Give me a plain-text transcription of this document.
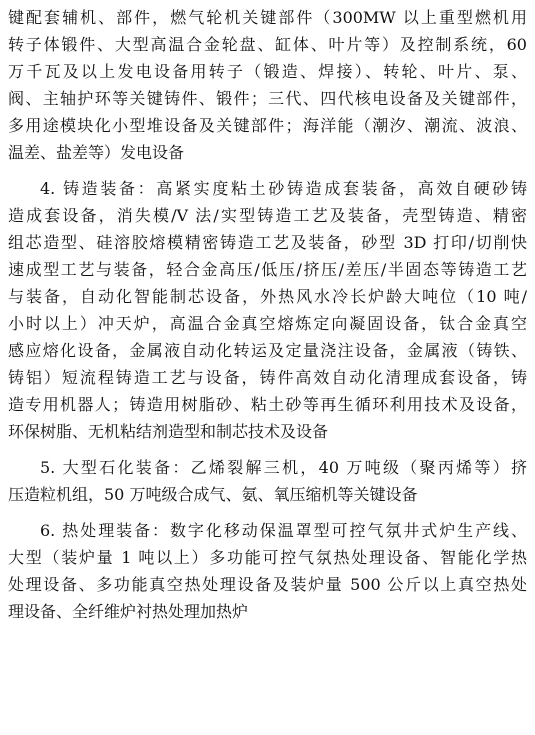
键配套辅机、部件，燃气轮机关键部件（300MW 以上重型燃机用
转子体锻件、大型高温合金轮盘、缸体、叶片等）及控制系统，60
万千瓦及以上发电设备用转子（锻造、焊接）、转轮、叶片、泵、
阀、主轴护环等关键铸件、锻件；三代、四代核电设备及关键部件，
多用途模块化小型堆设备及关键部件；海洋能（潮汐、潮流、波浪、
温差、盐差等）发电设备
4. 铸造装备：高紧实度粘土砂铸造成套装备，高效自硬砂铸
造成套设备，消失模/V 法/实型铸造工艺及装备，壳型铸造、精密
组芯造型、硅溶胶熔模精密铸造工艺及装备，砂型 3D 打印/切削快
速成型工艺与装备，轻合金高压/低压/挤压/差压/半固态等铸造工艺
与装备，自动化智能制芯设备，外热风水冷长炉龄大吨位（10 吨/
小时以上）冲天炉，高温合金真空熔炼定向凝固设备，钛合金真空
感应熔化设备，金属液自动化转运及定量浇注设备，金属液（铸铁、
铸铝）短流程铸造工艺与设备，铸件高效自动化清理成套设备，铸
造专用机器人；铸造用树脂砂、粘土砂等再生循环利用技术及设备，
环保树脂、无机粘结剂造型和制芯技术及设备
5. 大型石化装备：乙烯裂解三机，40 万吨级（聚丙烯等）挤
压造粒机组，50 万吨级合成气、氨、氧压缩机等关键设备
6. 热处理装备：数字化移动保温罩型可控气氛井式炉生产线、
大型（装炉量 1 吨以上）多功能可控气氛热处理设备、智能化学热
处理设备、多功能真空热处理设备及装炉量 500 公斤以上真空热处
理设备、全纤维炉衬热处理加热炉
